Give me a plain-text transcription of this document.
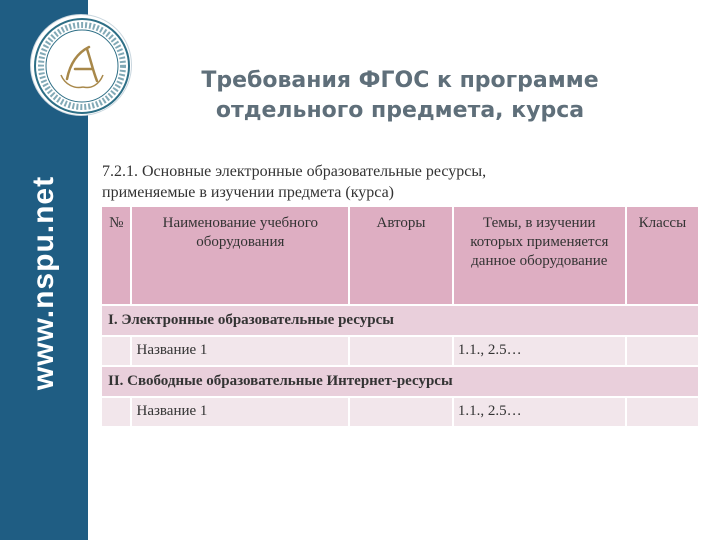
www.nspu.net
Требования ФГОС к программе
отдельного предмета, курса
7.2.1. Основные электронные образовательные ресурсы,
применяемые в изучении предмета (курса)
№	Наименование учебного оборудования	Авторы	Темы, в изучении которых применяется данное оборудование	Классы
I. Электронные образовательные ресурсы				
	Название 1		1.1., 2.5…	
II. Свободные образовательные Интернет-ресурсы				
	Название 1		1.1., 2.5…	
